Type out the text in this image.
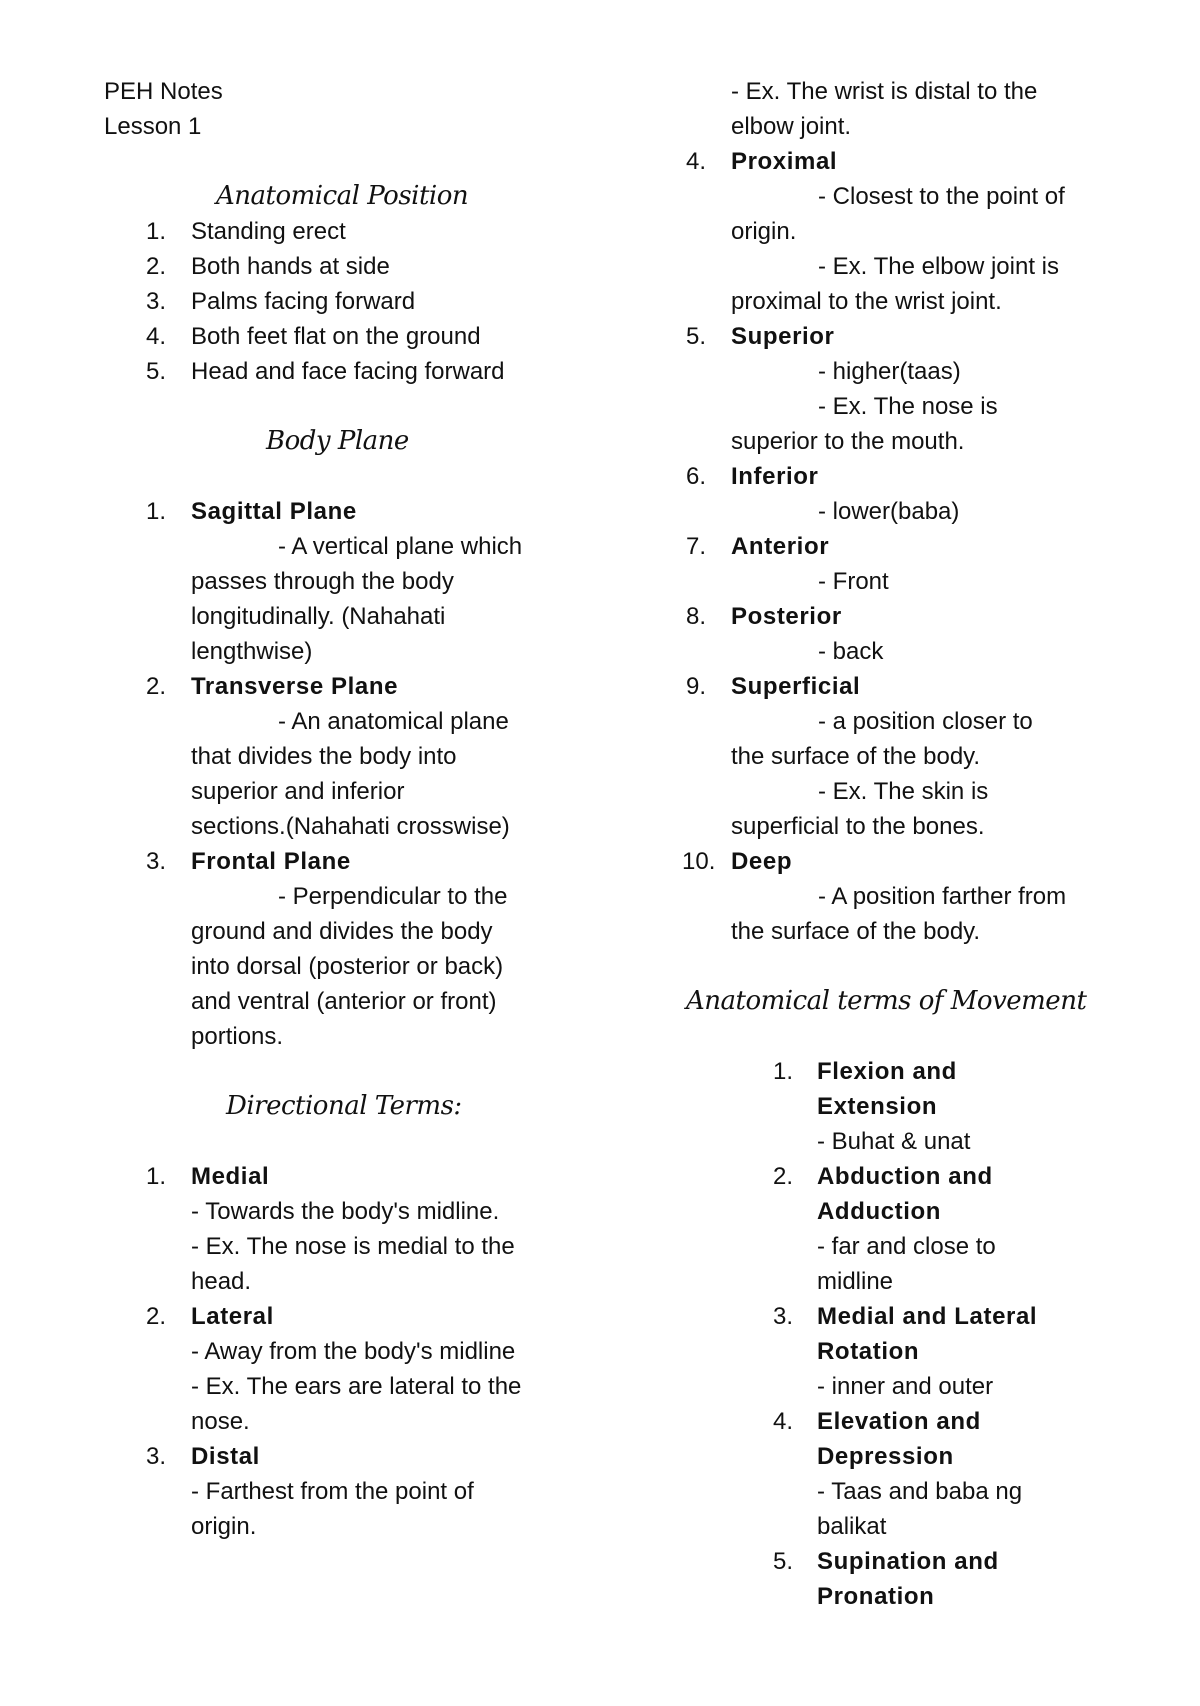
PEH Notes
Lesson 1
Anatomical Position
1. Standing erect
2. Both hands at side
3. Palms facing forward
4. Both feet flat on the ground
5. Head and face facing forward
Body Plane
1. Sagittal Plane
- A vertical plane which
passes through the body
longitudinally. (Nahahati
lengthwise)
2. Transverse Plane
- An anatomical plane
that divides the body into
superior and inferior
sections.(Nahahati crosswise)
3. Frontal Plane
- Perpendicular to the
ground and divides the body
into dorsal (posterior or back)
and ventral (anterior or front)
portions.
Directional Terms:
1. Medial
- Towards the body's midline.
- Ex. The nose is medial to the
head.
2. Lateral
- Away from the body's midline
- Ex. The ears are lateral to the
nose.
3. Distal
- Farthest from the point of
origin.
- Ex. The wrist is distal to the
elbow joint.
4. Proximal
- Closest to the point of
origin.
- Ex. The elbow joint is
proximal to the wrist joint.
5. Superior
- higher(taas)
- Ex. The nose is
superior to the mouth.
6. Inferior
- lower(baba)
7. Anterior
- Front
8. Posterior
- back
9. Superficial
- a position closer to
the surface of the body.
- Ex. The skin is
superficial to the bones.
10. Deep
- A position farther from
the surface of the body.
Anatomical terms of Movement
1. Flexion and
Extension
- Buhat & unat
2. Abduction and
Adduction
- far and close to
midline
3. Medial and Lateral
Rotation
- inner and outer
4. Elevation and
Depression
- Taas and baba ng
balikat
5. Supination and
Pronation
